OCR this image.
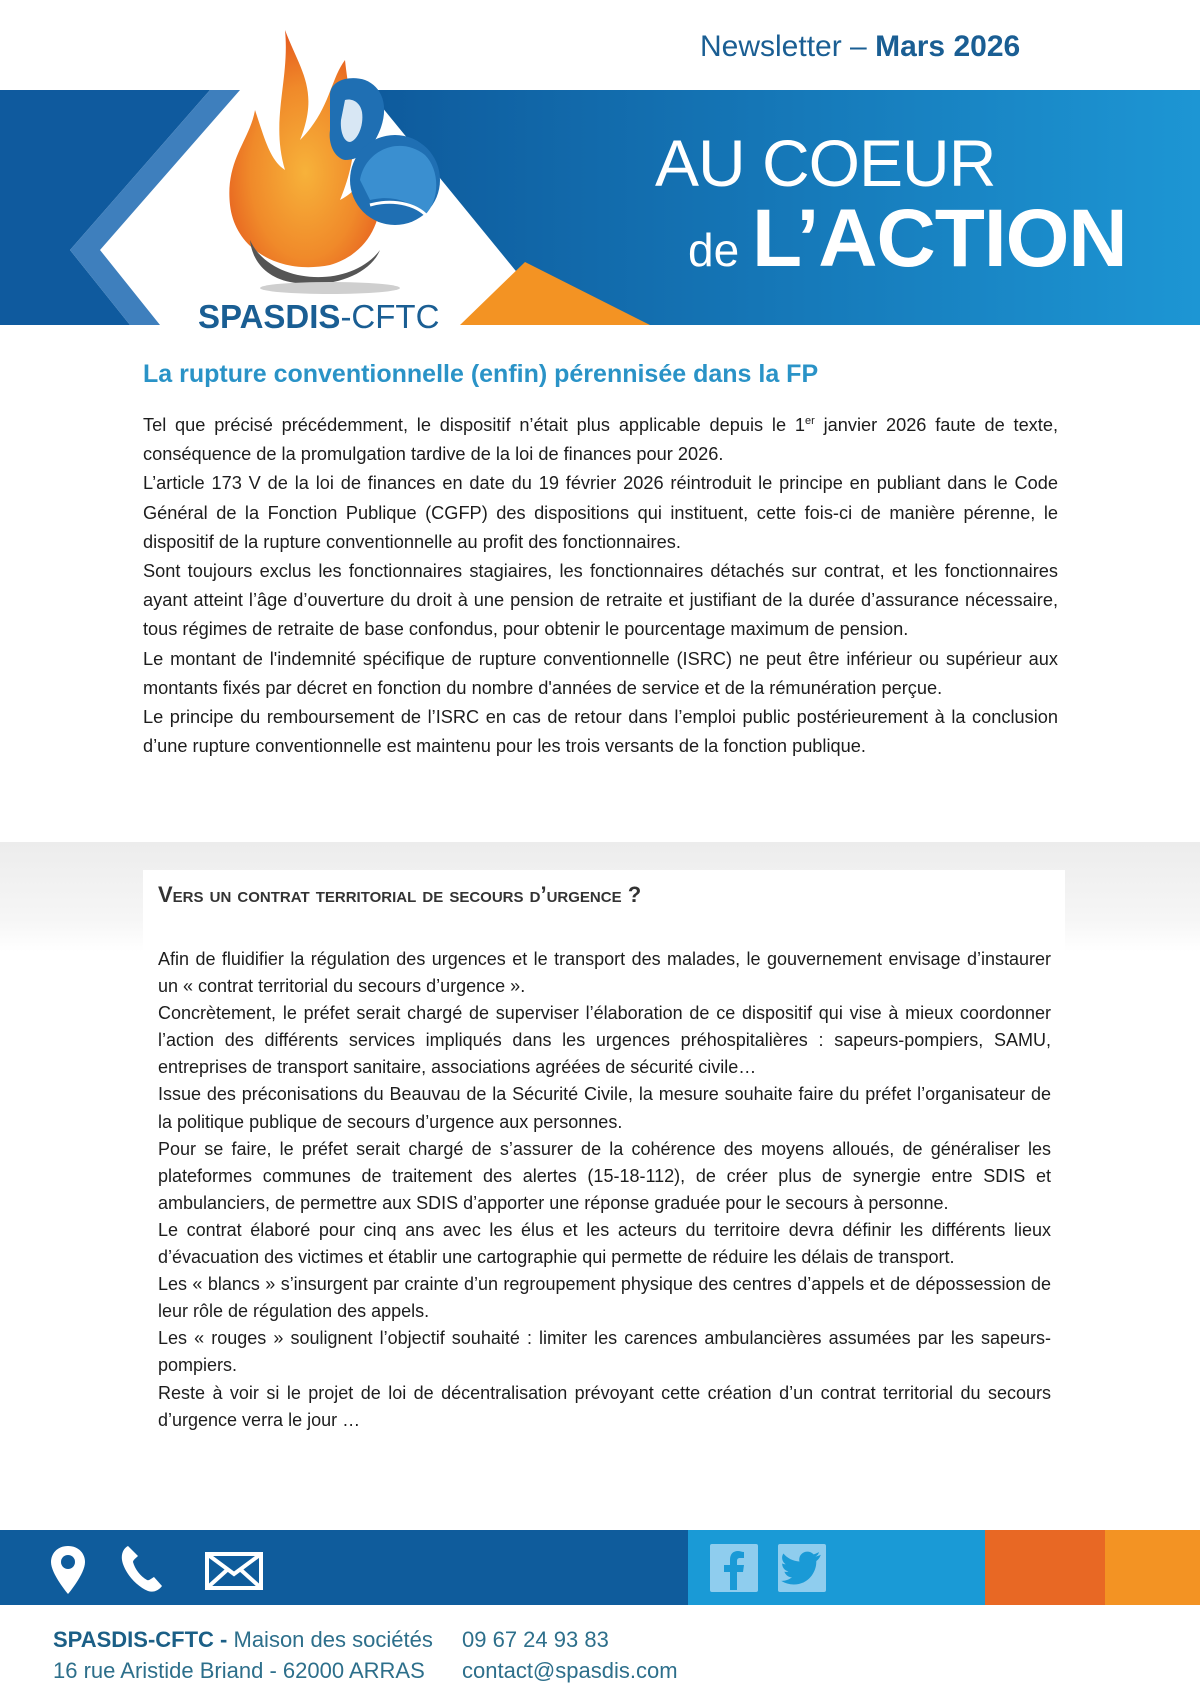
Newsletter – Mars 2026
AU COEUR
de L’ACTION
SPASDIS-CFTC
La rupture conventionnelle (enfin) pérennisée dans la FP

Tel que précisé précédemment, le dispositif n’était plus applicable depuis le 1er janvier 2026 faute de texte, conséquence de la promulgation tardive de la loi de finances pour 2026.

L’article 173 V de la loi de finances en date du 19 février 2026 réintroduit le principe en publiant dans le Code Général de la Fonction Publique (CGFP) des dispositions qui instituent, cette fois-ci de manière pérenne, le dispositif de la rupture conventionnelle au profit des fonctionnaires.

Sont toujours exclus les fonctionnaires stagiaires, les fonctionnaires détachés sur contrat, et les fonctionnaires ayant atteint l’âge d’ouverture du droit à une pension de retraite et justifiant de la durée d’assurance nécessaire, tous régimes de retraite de base confondus, pour obtenir le pourcentage maximum de pension.

Le montant de l'indemnité spécifique de rupture conventionnelle (ISRC) ne peut être inférieur ou supérieur aux montants fixés par décret en fonction du nombre d'années de service et de la rémunération perçue.

Le principe du remboursement de l’ISRC en cas de retour dans l’emploi public postérieurement à la conclusion d’une rupture conventionnelle est maintenu pour les trois versants de la fonction publique.

Vers un contrat territorial de secours d’urgence ?

Afin de fluidifier la régulation des urgences et le transport des malades, le gouvernement envisage d’instaurer un « contrat territorial du secours d’urgence ».

Concrètement, le préfet serait chargé de superviser l’élaboration de ce dispositif qui vise à mieux coordonner l’action des différents services impliqués dans les urgences préhospitalières : sapeurs-pompiers, SAMU, entreprises de transport sanitaire, associations agréées de sécurité civile…

Issue des préconisations du Beauvau de la Sécurité Civile, la mesure souhaite faire du préfet l’organisateur de la politique publique de secours d’urgence aux personnes.

Pour se faire, le préfet serait chargé de s’assurer de la cohérence des moyens alloués, de généraliser les plateformes communes de traitement des alertes (15-18-112), de créer plus de synergie entre SDIS et ambulanciers, de permettre aux SDIS d’apporter une réponse graduée pour le secours à personne.

Le contrat élaboré pour cinq ans avec les élus et les acteurs du territoire devra définir les différents lieux d’évacuation des victimes et établir une cartographie qui permette de réduire les délais de transport.

Les « blancs » s’insurgent par crainte d’un regroupement physique des centres d’appels et de dépossession de leur rôle de régulation des appels.

Les « rouges » soulignent l’objectif souhaité : limiter les carences ambulancières assumées par les sapeurs-pompiers.

Reste à voir si le projet de loi de décentralisation prévoyant cette création d’un contrat territorial du secours d’urgence verra le jour …

SPASDIS-CFTC - Maison des sociétés
16 rue Aristide Briand - 62000 ARRAS
09 67 24 93 83
contact@spasdis.com
